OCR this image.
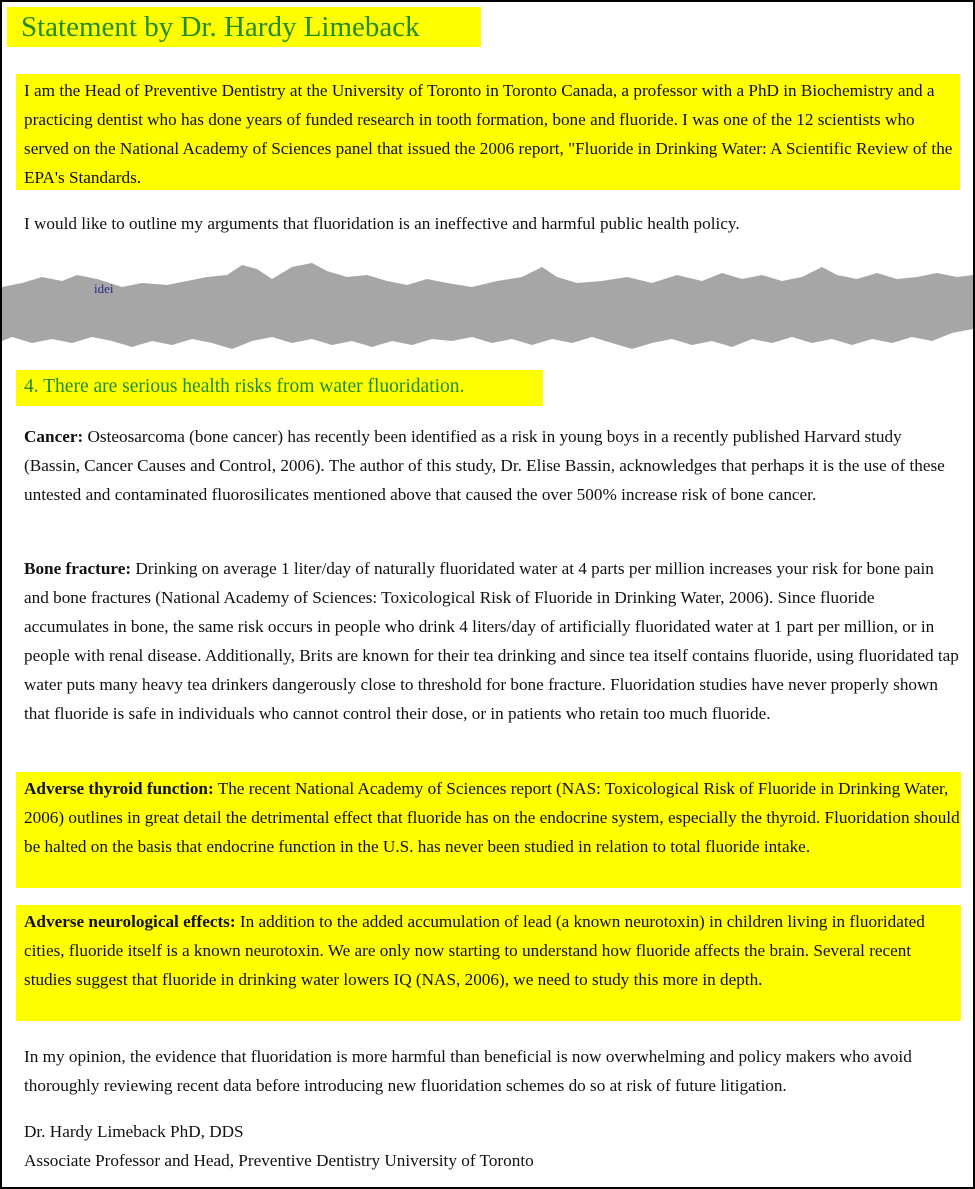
Statement by Dr. Hardy Limeback

I am the Head of Preventive Dentistry at the University of Toronto in Toronto Canada, a professor with a PhD in Biochemistry and a practicing dentist who has done years of funded research in tooth formation, bone and fluoride. I was one of the 12 scientists who served on the National Academy of Sciences panel that issued the 2006 report, "Fluoride in Drinking Water: A Scientific Review of the EPA's Standards.

I would like to outline my arguments that fluoridation is an ineffective and harmful public health policy.

idei
4. There are serious health risks from water fluoridation.

Cancer: Osteosarcoma (bone cancer) has recently been identified as a risk in young boys in a recently published Harvard study (Bassin, Cancer Causes and Control, 2006). The author of this study, Dr. Elise Bassin, acknowledges that perhaps it is the use of these untested and contaminated fluorosilicates mentioned above that caused the over 500% increase risk of bone cancer.

Bone fracture: Drinking on average 1 liter/day of naturally fluoridated water at 4 parts per million increases your risk for bone pain and bone fractures (National Academy of Sciences: Toxicological Risk of Fluoride in Drinking Water, 2006). Since fluoride accumulates in bone, the same risk occurs in people who drink 4 liters/day of artificially fluoridated water at 1 part per million, or in people with renal disease. Additionally, Brits are known for their tea drinking and since tea itself contains fluoride, using fluoridated tap water puts many heavy tea drinkers dangerously close to threshold for bone fracture. Fluoridation studies have never properly shown that fluoride is safe in individuals who cannot control their dose, or in patients who retain too much fluoride.

Adverse thyroid function: The recent National Academy of Sciences report (NAS: Toxicological Risk of Fluoride in Drinking Water, 2006) outlines in great detail the detrimental effect that fluoride has on the endocrine system, especially the thyroid. Fluoridation should be halted on the basis that endocrine function in the U.S. has never been studied in relation to total fluoride intake.

Adverse neurological effects: In addition to the added accumulation of lead (a known neurotoxin) in children living in fluoridated cities, fluoride itself is a known neurotoxin. We are only now starting to understand how fluoride affects the brain. Several recent studies suggest that fluoride in drinking water lowers IQ (NAS, 2006), we need to study this more in depth.

In my opinion, the evidence that fluoridation is more harmful than beneficial is now overwhelming and policy makers who avoid thoroughly reviewing recent data before introducing new fluoridation schemes do so at risk of future litigation.

Dr. Hardy Limeback PhD, DDS
Associate Professor and Head, Preventive Dentistry University of Toronto
